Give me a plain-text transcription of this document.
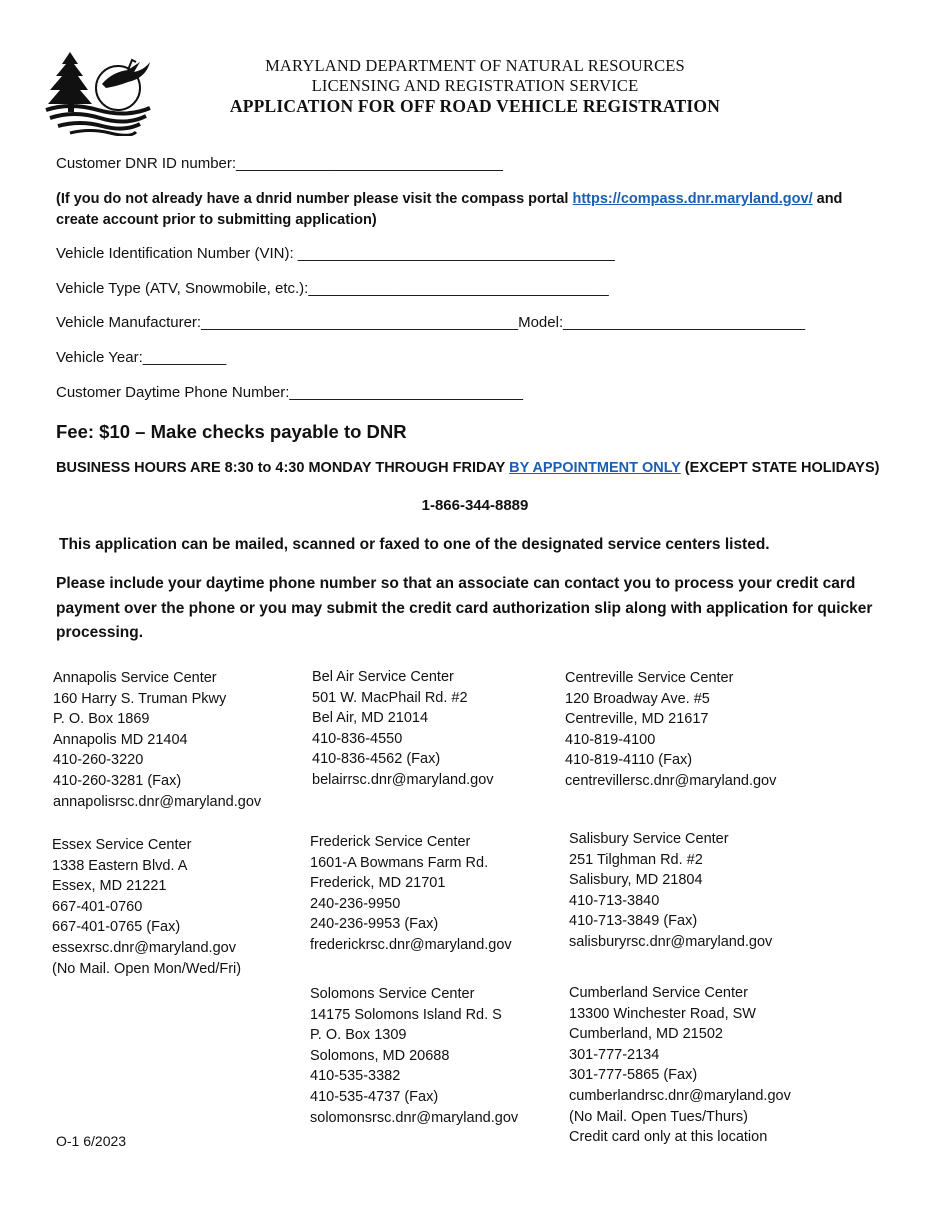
MARYLAND DEPARTMENT OF NATURAL RESOURCES
LICENSING AND REGISTRATION SERVICE
APPLICATION FOR OFF ROAD VEHICLE REGISTRATION
Customer DNR ID number:________________________________
(If you do not already have a dnrid number please visit the compass portal https://compass.dnr.maryland.gov/ and create account prior to submitting application)
Vehicle Identification Number (VIN): ______________________________________
Vehicle Type (ATV, Snowmobile, etc.):____________________________________
Vehicle Manufacturer:______________________________________Model:_____________________________
Vehicle Year:__________
Customer Daytime Phone Number:____________________________
Fee: $10 – Make checks payable to DNR
BUSINESS HOURS ARE 8:30 to 4:30 MONDAY THROUGH FRIDAY BY APPOINTMENT ONLY (EXCEPT STATE HOLIDAYS)
1-866-344-8889
This application can be mailed, scanned or faxed to one of the designated service centers listed.
Please include your daytime phone number so that an associate can contact you to process your credit card payment over the phone or you may submit the credit card authorization slip along with application for quicker processing.
Annapolis Service Center
160 Harry S. Truman Pkwy
P. O. Box 1869
Annapolis MD 21404
410-260-3220
410-260-3281 (Fax)
annapolisrsc.dnr@maryland.gov
Bel Air Service Center
501 W. MacPhail Rd. #2
Bel Air, MD 21014
410-836-4550
410-836-4562 (Fax)
belairrsc.dnr@maryland.gov
Centreville Service Center
120 Broadway Ave. #5
Centreville, MD 21617
410-819-4100
410-819-4110 (Fax)
centrevillersc.dnr@maryland.gov
Essex Service Center
1338 Eastern Blvd. A
Essex, MD 21221
667-401-0760
667-401-0765 (Fax)
essexrsc.dnr@maryland.gov
(No Mail. Open Mon/Wed/Fri)
Frederick Service Center
1601-A Bowmans Farm Rd.
Frederick, MD 21701
240-236-9950
240-236-9953 (Fax)
frederickrsc.dnr@maryland.gov
Salisbury Service Center
251 Tilghman Rd. #2
Salisbury, MD 21804
410-713-3840
410-713-3849 (Fax)
salisburyrsc.dnr@maryland.gov
Solomons Service Center
14175 Solomons Island Rd. S
P. O. Box 1309
Solomons, MD 20688
410-535-3382
410-535-4737 (Fax)
solomonsrsc.dnr@maryland.gov
Cumberland Service Center
13300 Winchester Road, SW
Cumberland, MD 21502
301-777-2134
301-777-5865 (Fax)
cumberlandrsc.dnr@maryland.gov
(No Mail. Open Tues/Thurs)
Credit card only at this location
O-1 6/2023
